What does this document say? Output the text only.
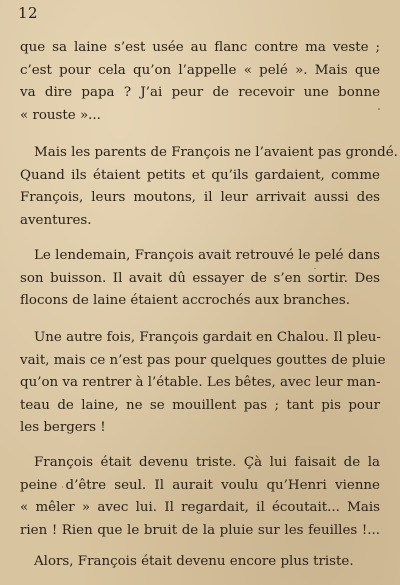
12
que sa laine s’est usée au flanc contre ma veste ;
c’est pour cela qu’on l’appelle « pelé ». Mais que
va dire papa ? J’ai peur de recevoir une bonne
« rouste »...
Mais les parents de François ne l’avaient pas grondé.
Quand ils étaient petits et qu’ils gardaient, comme
François, leurs moutons, il leur arrivait aussi des
aventures.
Le lendemain, François avait retrouvé le pelé dans
son buisson. Il avait dû essayer de s’en sortir. Des
flocons de laine étaient accrochés aux branches.
Une autre fois, François gardait en Chalou. Il pleu-
vait, mais ce n’est pas pour quelques gouttes de pluie
qu’on va rentrer à l’étable. Les bêtes, avec leur man-
teau de laine, ne se mouillent pas ; tant pis pour
les bergers !
François était devenu triste. Çà lui faisait de la
peine d’être seul. Il aurait voulu qu’Henri vienne
« mêler » avec lui. Il regardait, il écoutait... Mais
rien ! Rien que le bruit de la pluie sur les feuilles !...
Alors, François était devenu encore plus triste.
